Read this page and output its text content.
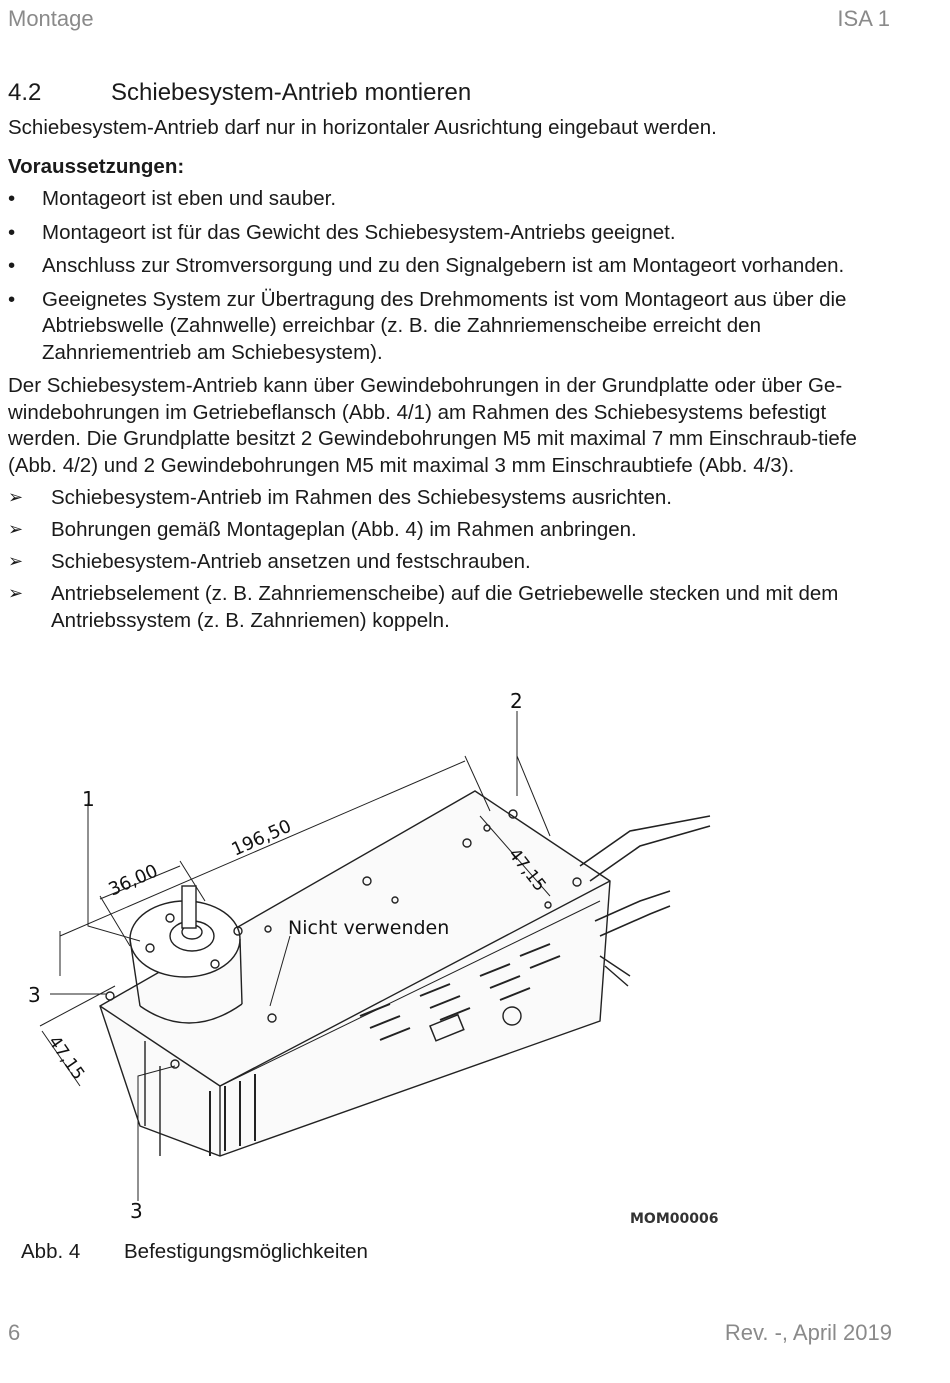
Montage	ISA 1
4.2	Schiebesystem-Antrieb montieren

Schiebesystem-Antrieb darf nur in horizontaler Ausrichtung eingebaut werden.

Voraussetzungen:

• Montageort ist eben und sauber.
• Montageort ist für das Gewicht des Schiebesystem-Antriebs geeignet.
• Anschluss zur Stromversorgung und zu den Signalgebern ist am Montageort vorhanden.
• Geeignetes System zur Übertragung des Drehmoments ist vom Montageort aus über die Abtriebswelle (Zahnwelle) erreichbar (z. B. die Zahnriemenscheibe erreicht den Zahnriementrieb am Schiebesystem).

Der Schiebesystem-Antrieb kann über Gewindebohrungen in der Grundplatte oder über Ge-windebohrungen im Getriebeflansch (Abb. 4/1) am Rahmen des Schiebesystems befestigt werden. Die Grundplatte besitzt 2 Gewindebohrungen M5 mit maximal 7 mm Einschraub-tiefe (Abb. 4/2) und 2 Gewindebohrungen M5 mit maximal 3 mm Einschraubtiefe (Abb. 4/3).

➢ Schiebesystem-Antrieb im Rahmen des Schiebesystems ausrichten.
➢ Bohrungen gemäß Montageplan (Abb. 4) im Rahmen anbringen.
➢ Schiebesystem-Antrieb ansetzen und festschrauben.
➢ Antriebselement (z. B. Zahnriemenscheibe) auf die Getriebewelle stecken und mit dem Antriebssystem (z. B. Zahnriemen) koppeln.
1
2
3
3
196,50
36,00
47,15
47,15
Nicht verwenden
MOM00006
Abb. 4	Befestigungsmöglichkeiten
6	Rev. -, April 2019
